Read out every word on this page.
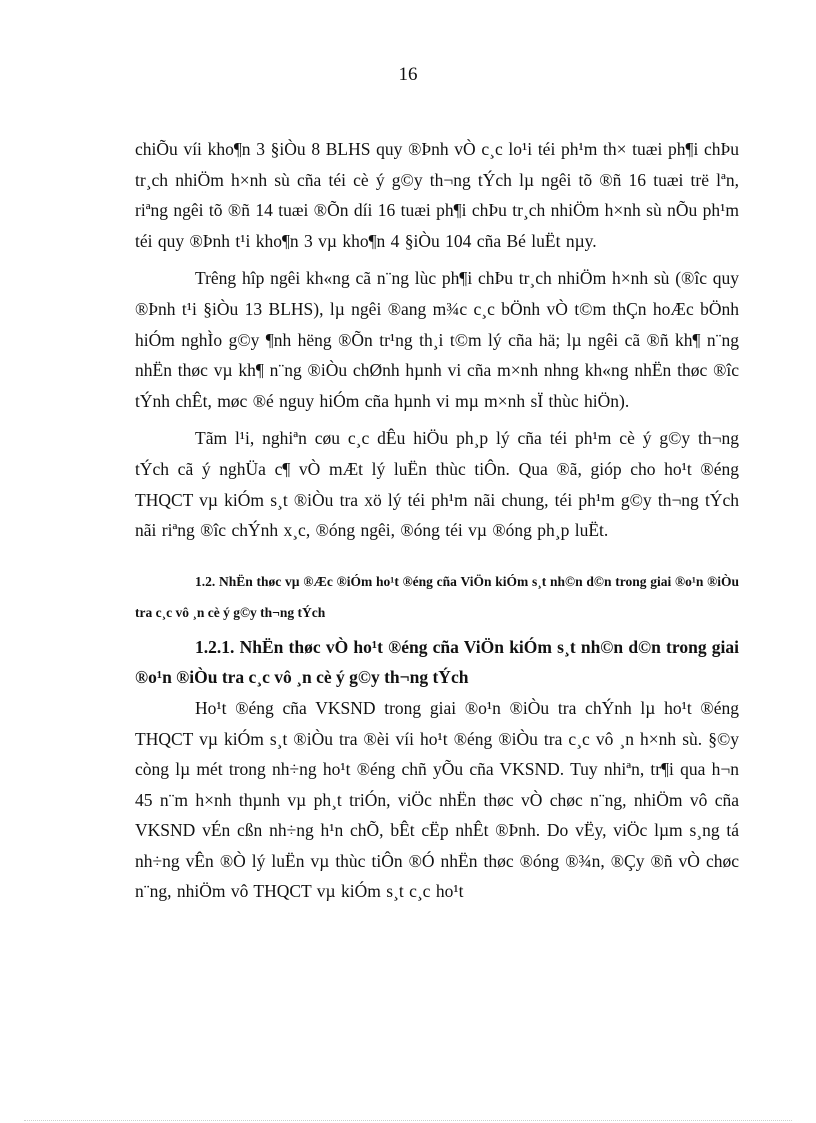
16

chiÕu víi kho¶n 3 §iÒu 8 BLHS quy ®Þnh vÒ c¸c lo¹i téi ph¹m th× tuæi ph¶i chÞu tr¸ch nhiÖm h×nh sù cña téi cè ý g©y th¬ng tÝch lµ ngêi tõ ®ñ 16 tuæi trë lªn, riªng ngêi tõ ®ñ 14 tuæi ®Õn díi 16 tuæi ph¶i chÞu tr¸ch nhiÖm h×nh sù nÕu ph¹m téi quy ®Þnh t¹i kho¶n 3 vµ kho¶n 4 §iÒu 104 cña Bé luËt nµy.

Trêng hîp ngêi kh«ng cã n¨ng lùc ph¶i chÞu tr¸ch nhiÖm h×nh sù (®îc quy ®Þnh t¹i §iÒu 13 BLHS), lµ ngêi ®ang m¾c c¸c bÖnh vÒ t©m thÇn hoÆc bÖnh hiÓm nghÌo g©y ¶nh hëng ®Õn tr¹ng th¸i t©m lý cña hä; lµ ngêi cã ®ñ kh¶ n¨ng nhËn thøc vµ kh¶ n¨ng ®iÒu chØnh hµnh vi cña m×nh nhng kh«ng nhËn thøc ®îc tÝnh chÊt, møc ®é nguy hiÓm cña hµnh vi mµ m×nh sÏ thùc hiÖn).

Tãm l¹i, nghiªn cøu c¸c dÊu hiÖu ph¸p lý cña téi ph¹m cè ý g©y th¬ng tÝch cã ý nghÜa c¶ vÒ mÆt lý luËn thùc tiÔn. Qua ®ã, gióp cho ho¹t ®éng THQCT vµ kiÓm s¸t ®iÒu tra xö lý téi ph¹m nãi chung, téi ph¹m g©y th¬ng tÝch nãi riªng ®îc chÝnh x¸c, ®óng ngêi, ®óng téi vµ ®óng ph¸p luËt.

1.2. NhËn thøc vµ ®Æc ®iÓm ho¹t ®éng cña ViÖn kiÓm s¸t nh©n d©n trong giai ®o¹n ®iÒu tra c¸c vô ¸n cè ý g©y th¬ng tÝch

1.2.1. NhËn thøc vÒ ho¹t ®éng cña ViÖn kiÓm s¸t nh©n d©n trong giai ®o¹n ®iÒu tra c¸c vô ¸n cè ý g©y th¬ng tÝch

Ho¹t ®éng cña VKSND trong giai ®o¹n ®iÒu tra chÝnh lµ ho¹t ®éng THQCT vµ kiÓm s¸t ®iÒu tra ®èi víi ho¹t ®éng ®iÒu tra c¸c vô ¸n h×nh sù. §©y còng lµ mét trong nh÷ng ho¹t ®éng chñ yÕu cña VKSND. Tuy nhiªn, tr¶i qua h¬n 45 n¨m h×nh thµnh vµ ph¸t triÓn, viÖc nhËn thøc vÒ chøc n¨ng, nhiÖm vô cña VKSND vÉn cßn nh÷ng h¹n chÕ, bÊt cËp nhÊt ®Þnh. Do vËy, viÖc lµm s¸ng tá nh÷ng vÊn ®Ò lý luËn vµ thùc tiÔn ®Ó nhËn thøc ®óng ®¾n, ®Çy ®ñ vÒ chøc n¨ng, nhiÖm vô THQCT vµ kiÓm s¸t c¸c ho¹t
